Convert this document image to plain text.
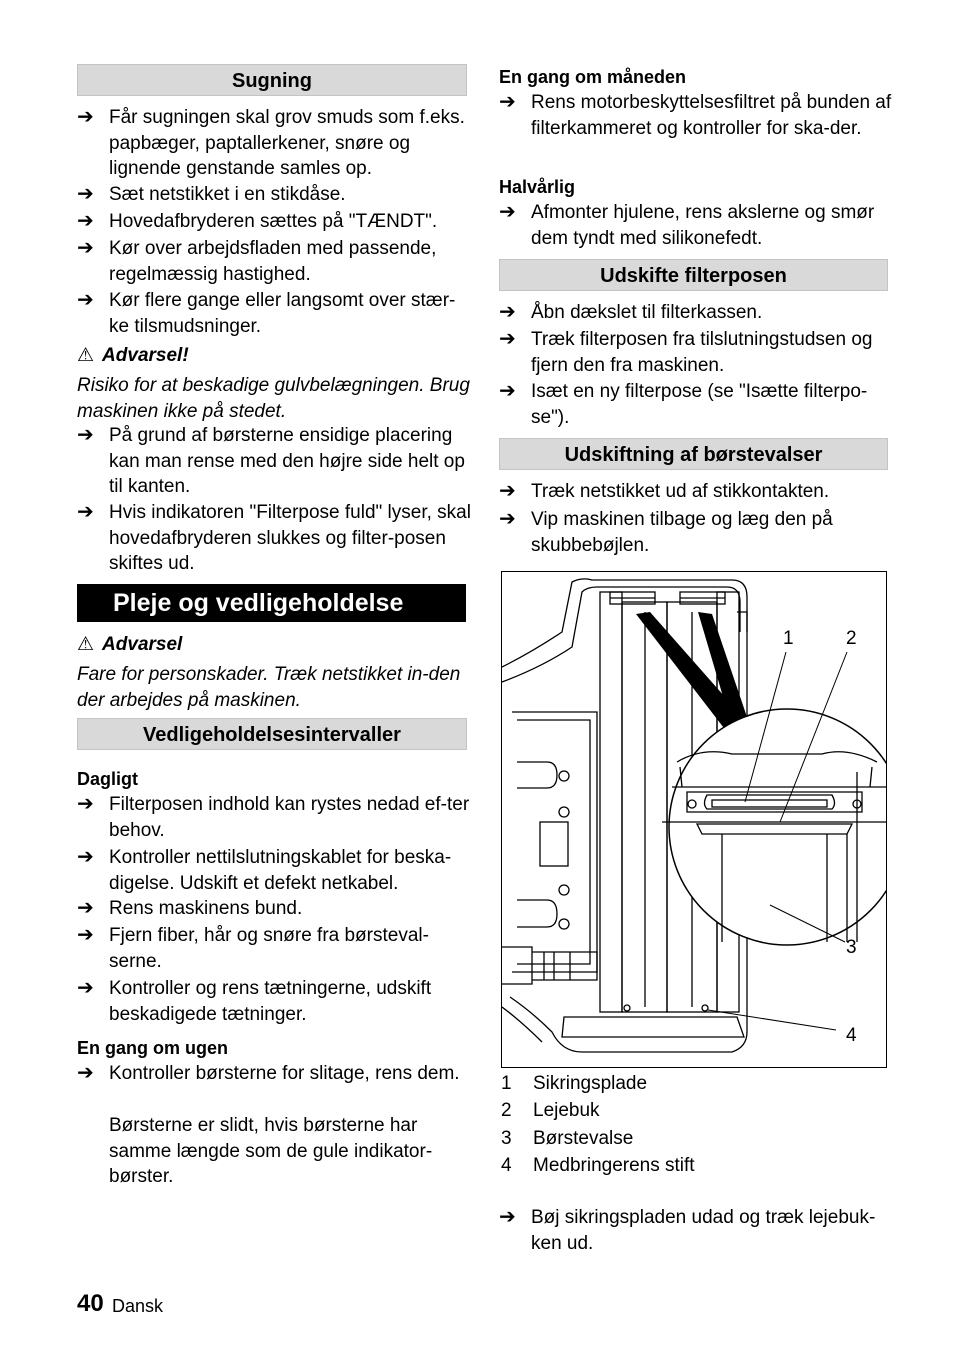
Sugning
➔ Får sugningen skal grov smuds som f.eks. papbæger, paptallerkener, snøre og lignende genstande samles op.
➔ Sæt netstikket i en stikdåse.
➔ Hovedafbryderen sættes på "TÆNDT".
➔ Kør over arbejdsfladen med passende, regelmæssig hastighed.
➔ Kør flere gange eller langsomt over stær-ke tilsmudsninger.
⚠ Advarsel!
Risiko for at beskadige gulvbelægningen. Brug maskinen ikke på stedet.
➔ På grund af børsterne ensidige placering kan man rense med den højre side helt op til kanten.
➔ Hvis indikatoren "Filterpose fuld" lyser, skal hovedafbryderen slukkes og filter-posen skiftes ud.
Pleje og vedligeholdelse
⚠ Advarsel
Fare for personskader. Træk netstikket in-den der arbejdes på maskinen.
Vedligeholdelsesintervaller
Dagligt
➔ Filterposen indhold kan rystes nedad ef-ter behov.
➔ Kontroller nettilslutningskablet for beska-digelse. Udskift et defekt netkabel.
➔ Rens maskinens bund.
➔ Fjern fiber, hår og snøre fra børsteval-serne.
➔ Kontroller og rens tætningerne, udskift beskadigede tætninger.
En gang om ugen
➔ Kontroller børsterne for slitage, rens dem.
Børsterne er slidt, hvis børsterne har samme længde som de gule indikator-børster.
En gang om måneden
➔ Rens motorbeskyttelsesfiltret på bunden af filterkammeret og kontroller for ska-der.
Halvårlig
➔ Afmonter hjulene, rens akslerne og smør dem tyndt med silikonefedt.
Udskifte filterposen
➔ Åbn dækslet til filterkassen.
➔ Træk filterposen fra tilslutningstudsen og fjern den fra maskinen.
➔ Isæt en ny filterpose (se "Isætte filterpo-se").
Udskiftning af børstevalser
➔ Træk netstikket ud af stikkontakten.
➔ Vip maskinen tilbage og læg den på skubbebøjlen.
1	2
3
4
1 Sikringsplade
2 Lejebuk
3 Børstevalse
4 Medbringerens stift
➔ Bøj sikringspladen udad og træk lejebuk-ken ud.
40 Dansk
